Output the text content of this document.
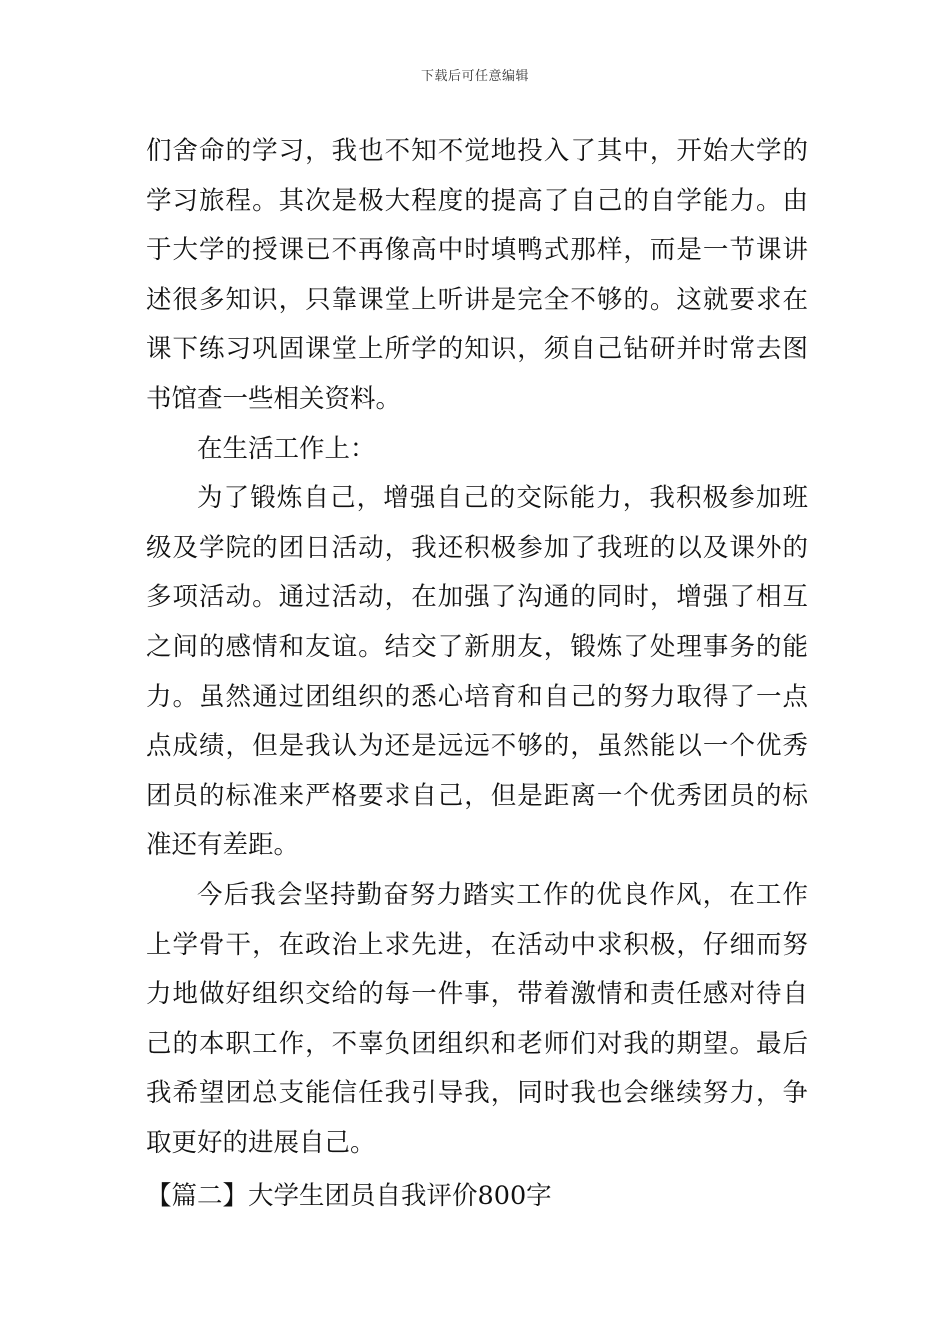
下载后可任意编辑

们舍命的学习，我也不知不觉地投入了其中，开始大学的学习旅程。其次是极大程度的提高了自己的自学能力。由于大学的授课已不再像高中时填鸭式那样，而是一节课讲述很多知识，只靠课堂上听讲是完全不够的。这就要求在课下练习巩固课堂上所学的知识，须自己钻研并时常去图书馆查一些相关资料。

在生活工作上：

为了锻炼自己，增强自己的交际能力，我积极参加班级及学院的团日活动，我还积极参加了我班的以及课外的多项活动。通过活动，在加强了沟通的同时，增强了相互之间的感情和友谊。结交了新朋友，锻炼了处理事务的能力。虽然通过团组织的悉心培育和自己的努力取得了一点点成绩，但是我认为还是远远不够的，虽然能以一个优秀团员的标准来严格要求自己，但是距离一个优秀团员的标准还有差距。

今后我会坚持勤奋努力踏实工作的优良作风，在工作上学骨干，在政治上求先进，在活动中求积极，仔细而努力地做好组织交给的每一件事，带着激情和责任感对待自己的本职工作，不辜负团组织和老师们对我的期望。最后我希望团总支能信任我引导我，同时我也会继续努力，争取更好的进展自己。

【篇二】大学生团员自我评价800字
